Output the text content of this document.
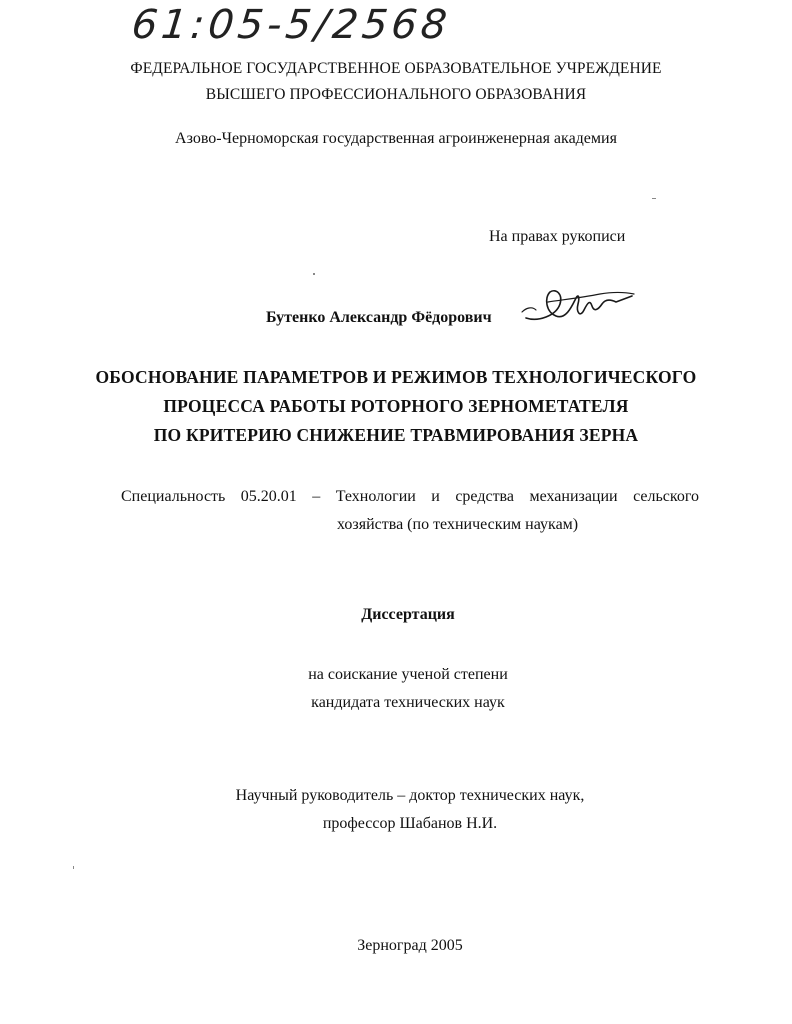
61:05-5/2568
ФЕДЕРАЛЬНОЕ ГОСУДАРСТВЕННОЕ ОБРАЗОВАТЕЛЬНОЕ УЧРЕЖДЕНИЕ
ВЫСШЕГО ПРОФЕССИОНАЛЬНОГО ОБРАЗОВАНИЯ
Азово-Черноморская государственная агроинженерная академия
На правах рукописи
Бутенко Александр Фёдорович
ОБОСНОВАНИЕ ПАРАМЕТРОВ И РЕЖИМОВ ТЕХНОЛОГИЧЕСКОГО
ПРОЦЕССА РАБОТЫ РОТОРНОГО ЗЕРНОМЕТАТЕЛЯ
ПО КРИТЕРИЮ СНИЖЕНИЕ ТРАВМИРОВАНИЯ ЗЕРНА
Специальность 05.20.01 – Технологии и средства механизации сельского
хозяйства (по техническим наукам)
Диссертация
на соискание ученой степени
кандидата технических наук
Научный руководитель – доктор технических наук,
профессор Шабанов Н.И.
Зерноград 2005
